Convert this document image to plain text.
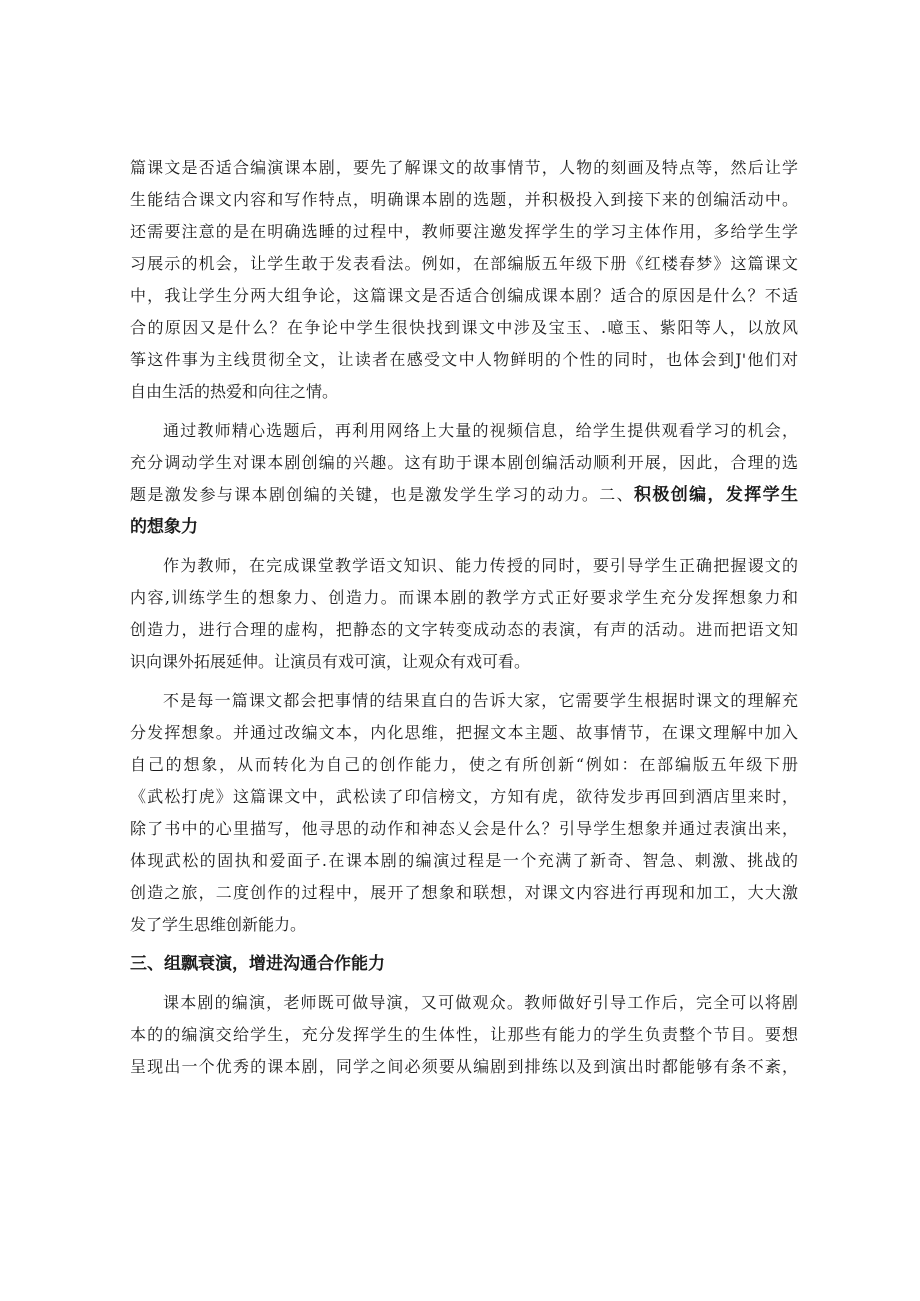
篇课文是否适合编演课本剧，要先了解课文的故事情节，人物的刻画及特点等，然后让学
生能结合课文内容和写作特点，明确课本剧的选题，并积极投入到接下来的创编活动中。
还需要注意的是在明确选睡的过程中，教师要注邀发挥学生的学习主体作用，多给学生学
习展示的机会，让学生敢于发表看法。例如，在部编版五年级下册《红楼春梦》这篇课文
中，我让学生分两大组争论，这篇课文是否适合创编成课本剧？适合的原因是什么？不适
合的原因又是什么？在争论中学生很快找到课文中涉及宝玉、.噫玉、紫阳等人，以放风
筝这件事为主线贯彻全文，让读者在感受文中人物鲜明的个性的同时，也体会到J'他们对
自由生活的热爱和向往之情。
通过教师精心选题后，再利用网络上大量的视频信息，给学生提供观看学习的机会，
充分调动学生对课本剧创编的兴趣。这有助于课本剧创编活动顺利开展，因此，合理的选
题是激发参与课本剧创编的关键，也是激发学生学习的动力。二、积极创编，发挥学生
的想象力
作为教师，在完成课堂教学语文知识、能力传授的同时，要引导学生正确把握谡文的
内容,训练学生的想象力、创造力。而课本剧的教学方式正好要求学生充分发挥想象力和
创造力，进行合理的虚构，把静态的文字转变成动态的表演，有声的活动。进而把语文知
识向课外拓展延伸。让演员有戏可演，让观众有戏可看。
不是每一篇课文都会把事情的结果直白的告诉大家，它需要学生根据时课文的理解充
分发挥想象。并通过改编文本，内化思维，把握文本主题、故事情节，在课文理解中加入
自己的想象，从而转化为自己的创作能力，使之有所创新“例如：在部编版五年级下册
《武松打虎》这篇课文中，武松读了印信榜文，方知有虎，欲待发步再回到酒店里来时，
除了书中的心里描写，他寻思的动作和神态乂会是什么？引导学生想象并通过表演出来，
体现武松的固执和爱面子.在课本剧的编演过程是一个充满了新奇、智急、刺激、挑战的
创造之旅，二度创作的过程中，展开了想象和联想，对课文内容进行再现和加工，大大激
发了学生思维创新能力。
三、组飘衰演，增进沟通合作能力
课本剧的编演，老师既可做导演，又可做观众。教师做好引导工作后，完全可以将剧
本的的编演交给学生，充分发挥学生的生体性，让那些有能力的学生负责整个节目。要想
呈现出一个优秀的课本剧，同学之间必须要从编剧到排练以及到演出时都能够有条不紊，
